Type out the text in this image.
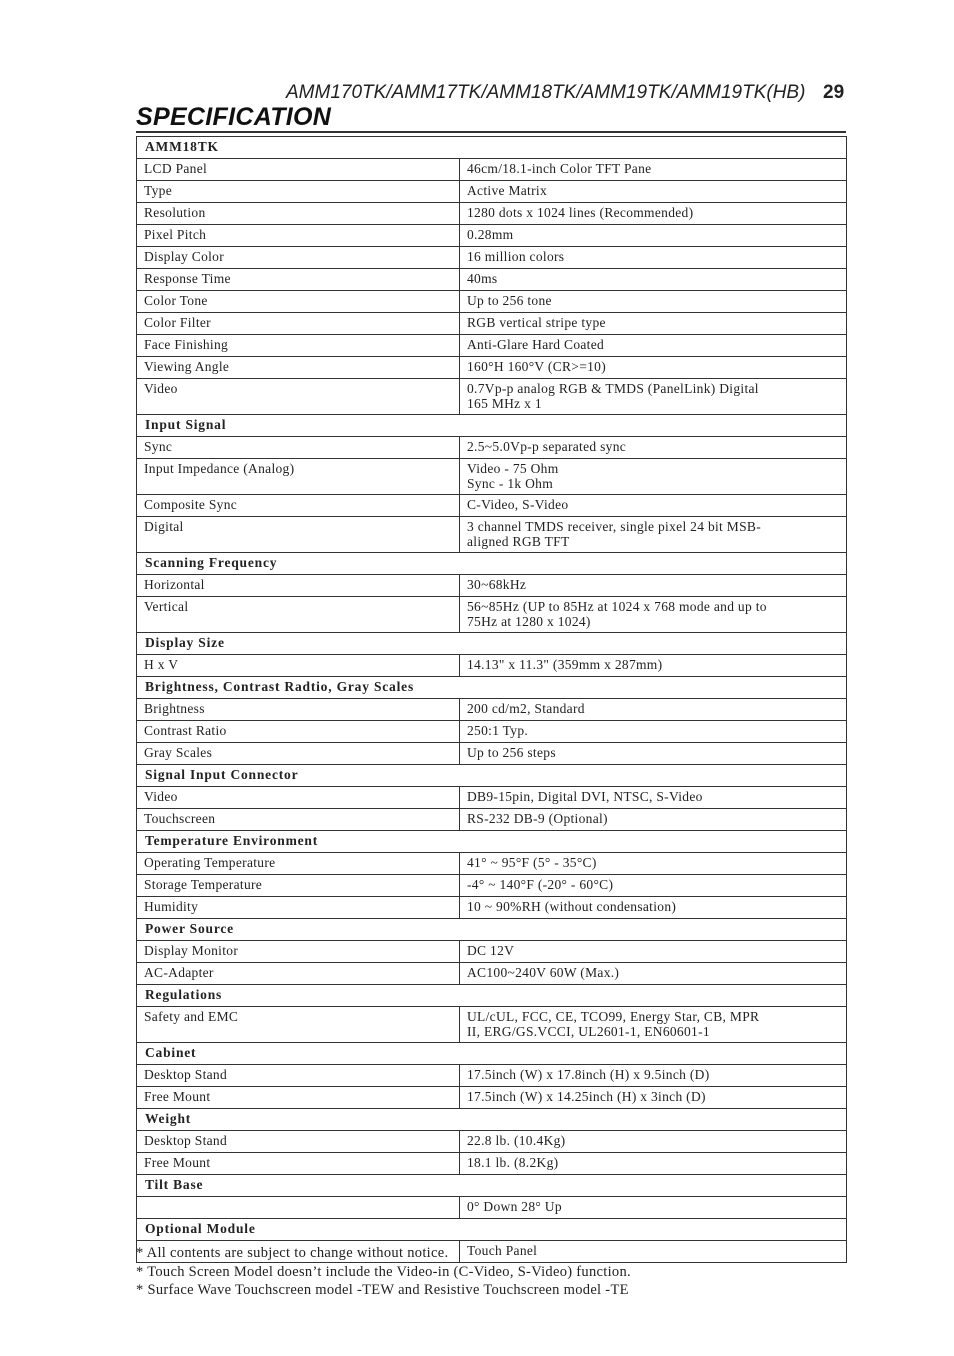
AMM170TK/AMM17TK/AMM18TK/AMM19TK/AMM19TK(HB) 29
SPECIFICATION
AMM18TK	
LCD Panel	46cm/18.1-inch Color TFT Pane
Type	Active Matrix
Resolution	1280 dots x 1024 lines (Recommended)
Pixel Pitch	0.28mm
Display Color	16 million colors
Response Time	40ms
Color Tone	Up to 256 tone
Color Filter	RGB vertical stripe type
Face Finishing	Anti-Glare Hard Coated
Viewing Angle	160°H 160°V (CR>=10)
Video	0.7Vp-p analog RGB & TMDS (PanelLink) Digital
165 MHz x 1
Input Signal	
Sync	2.5~5.0Vp-p separated sync
Input Impedance (Analog)	Video - 75 Ohm
Sync - 1k Ohm
Composite Sync	C-Video, S-Video
Digital	3 channel TMDS receiver, single pixel 24 bit MSB-
aligned RGB TFT
Scanning Frequency	
Horizontal	30~68kHz
Vertical	56~85Hz (UP to 85Hz at 1024 x 768 mode and up to
75Hz at 1280 x 1024)
Display Size	
H x V	14.13" x 11.3" (359mm x 287mm)
Brightness, Contrast Radtio, Gray Scales	
Brightness	200 cd/m2, Standard
Contrast Ratio	250:1 Typ.
Gray Scales	Up to 256 steps
Signal Input Connector	
Video	DB9-15pin, Digital DVI, NTSC, S-Video
Touchscreen	RS-232 DB-9 (Optional)
Temperature Environment	
Operating Temperature	41° ~ 95°F (5° - 35°C)
Storage Temperature	-4° ~ 140°F (-20° - 60°C)
Humidity	10 ~ 90%RH (without condensation)
Power Source	
Display Monitor	DC 12V
AC-Adapter	AC100~240V 60W (Max.)
Regulations	
Safety and EMC	UL/cUL, FCC, CE, TCO99, Energy Star, CB, MPR
II, ERG/GS.VCCI, UL2601-1, EN60601-1
Cabinet	
Desktop Stand	17.5inch (W) x 17.8inch (H) x 9.5inch (D)
Free Mount	17.5inch (W) x 14.25inch (H) x 3inch (D)
Weight	
Desktop Stand	22.8 lb. (10.4Kg)
Free Mount	18.1 lb. (8.2Kg)
Tilt Base	
	0° Down 28° Up
Optional Module	
	Touch Panel
* All contents are subject to change without notice.
* Touch Screen Model doesn’t include the Video-in (C-Video, S-Video) function.
* Surface Wave Touchscreen model -TEW and Resistive Touchscreen model -TE
